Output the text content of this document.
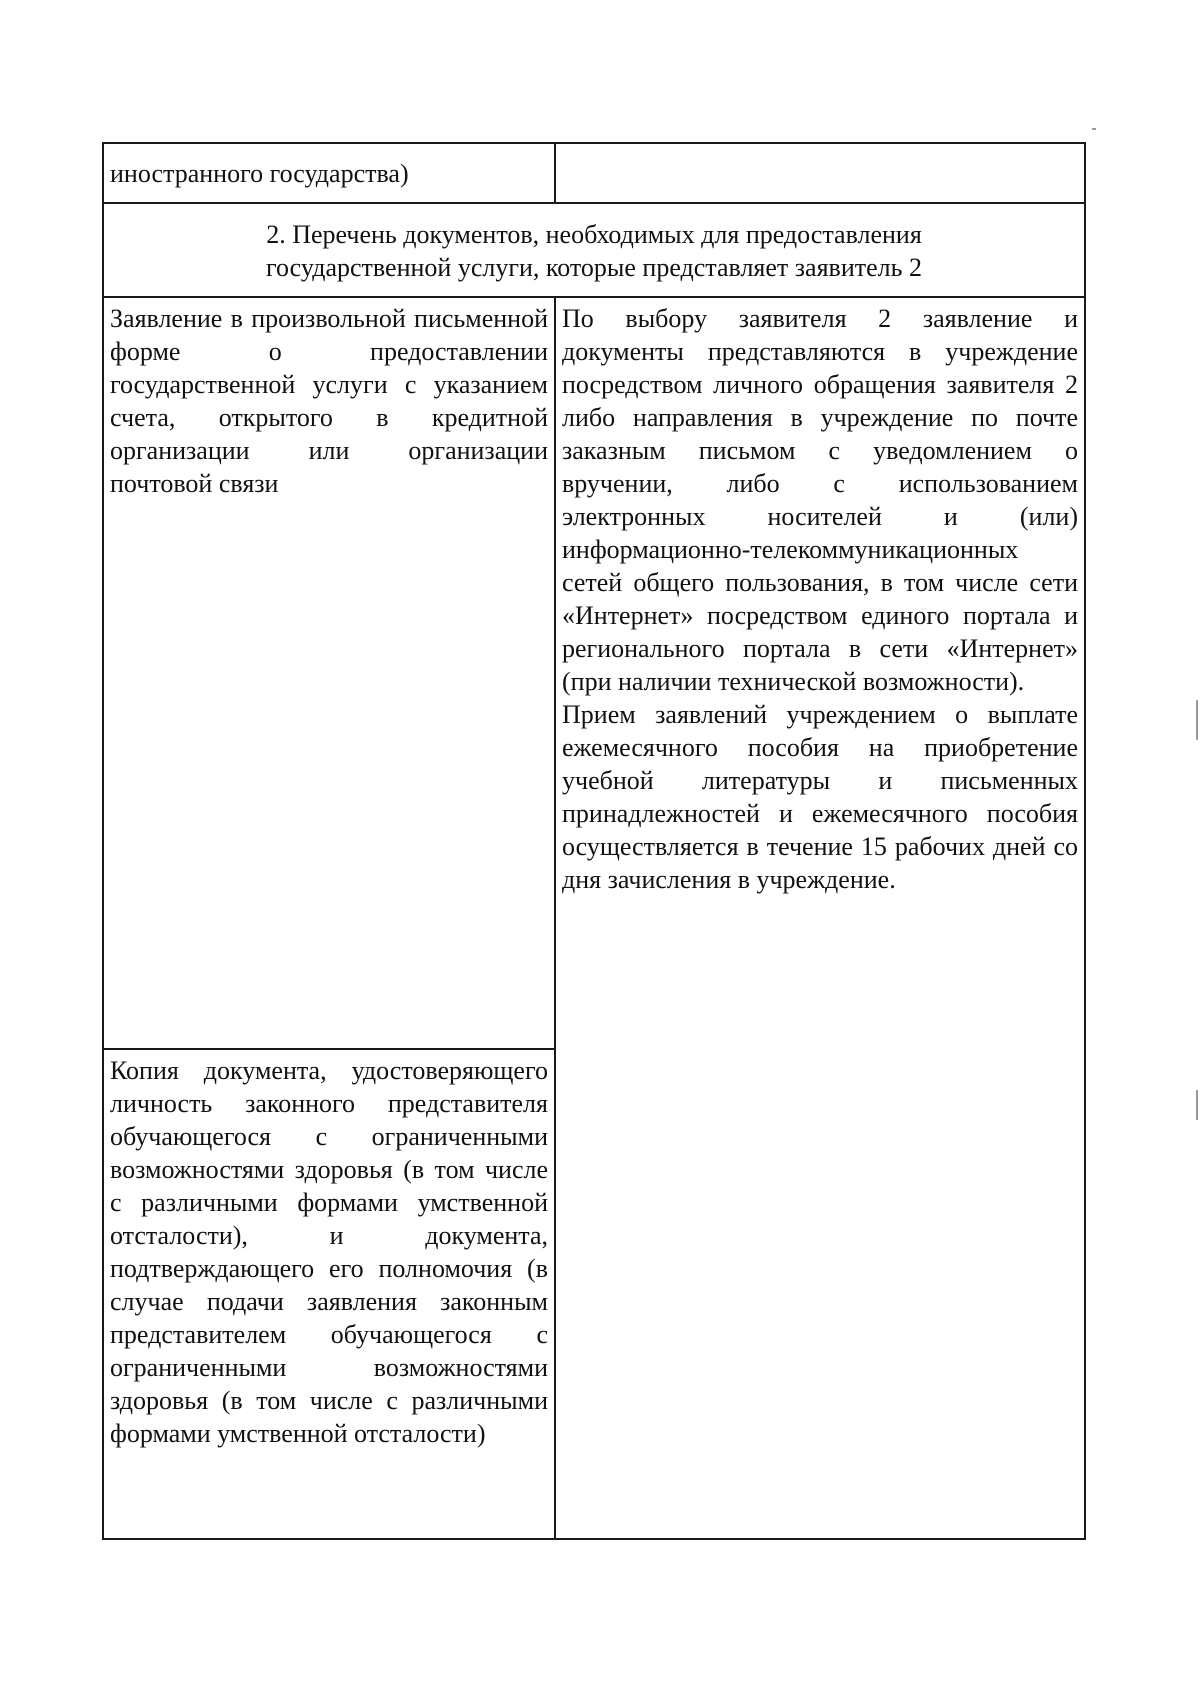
иностранного государства)	

2. Перечень документов, необходимых для предоставления
государственной услуги, которые представляет заявитель 2	

Заявление в произвольной письменной форме о предоставлении государственной услуги с указанием счета, открытого в кредитной организации или организации почтовой связи	По выбору заявителя 2 заявление и документы представляются в учреждение посредством личного обращения заявителя 2 либо направления в учреждение по почте заказным письмом с уведомлением о вручении, либо с использованием электронных носителей и (или) информационно-телекоммуникационных сетей общего пользования, в том числе сети «Интернет» посредством единого портала и регионального портала в сети «Интернет» (при наличии технической возможности).

Прием заявлений учреждением о выплате ежемесячного пособия на приобретение учебной литературы и письменных принадлежностей и ежемесячного пособия осуществляется в течение 15 рабочих дней со дня зачисления в учреждение.

Копия документа, удостоверяющего личность законного представителя обучающегося с ограниченными возможностями здоровья (в том числе с различными формами умственной отсталости), и документа, подтверждающего его полномочия (в случае подачи заявления законным представителем обучающегося с ограниченными возможностями здоровья (в том числе с различными формами умственной отсталости)	
